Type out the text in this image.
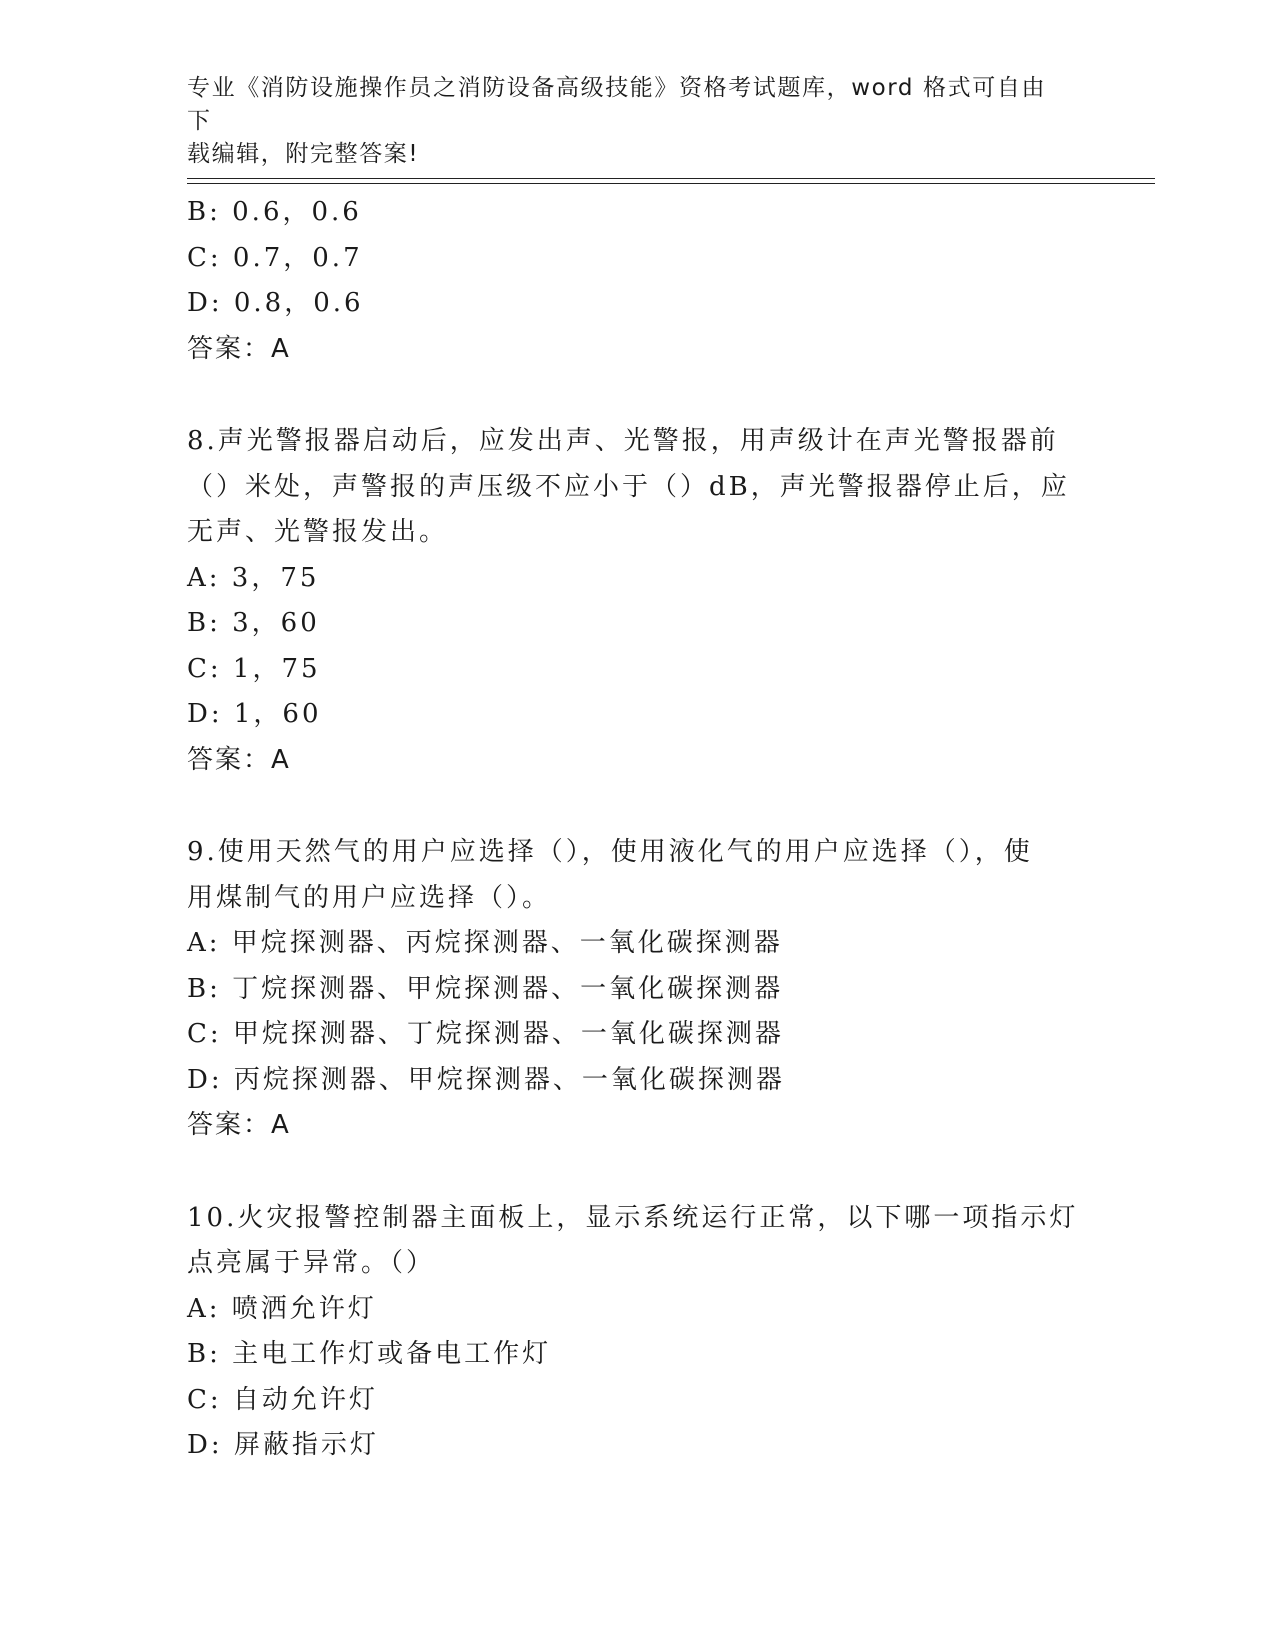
专业《消防设施操作员之消防设备高级技能》资格考试题库，word 格式可自由下
载编辑，附完整答案!
B: 0.6，0.6
C: 0.7，0.7
D: 0.8，0.6
答案：A
8.声光警报器启动后，应发出声、光警报，用声级计在声光警报器前
（）米处，声警报的声压级不应小于（）dB，声光警报器停止后，应
无声、光警报发出。
A: 3，75
B: 3，60
C: 1，75
D: 1，60
答案：A
9.使用天然气的用户应选择（），使用液化气的用户应选择（），使
用煤制气的用户应选择（）。
A: 甲烷探测器、丙烷探测器、一氧化碳探测器
B: 丁烷探测器、甲烷探测器、一氧化碳探测器
C: 甲烷探测器、丁烷探测器、一氧化碳探测器
D: 丙烷探测器、甲烷探测器、一氧化碳探测器
答案：A
10.火灾报警控制器主面板上，显示系统运行正常，以下哪一项指示灯
点亮属于异常。（）
A: 喷洒允许灯
B: 主电工作灯或备电工作灯
C: 自动允许灯
D: 屏蔽指示灯
